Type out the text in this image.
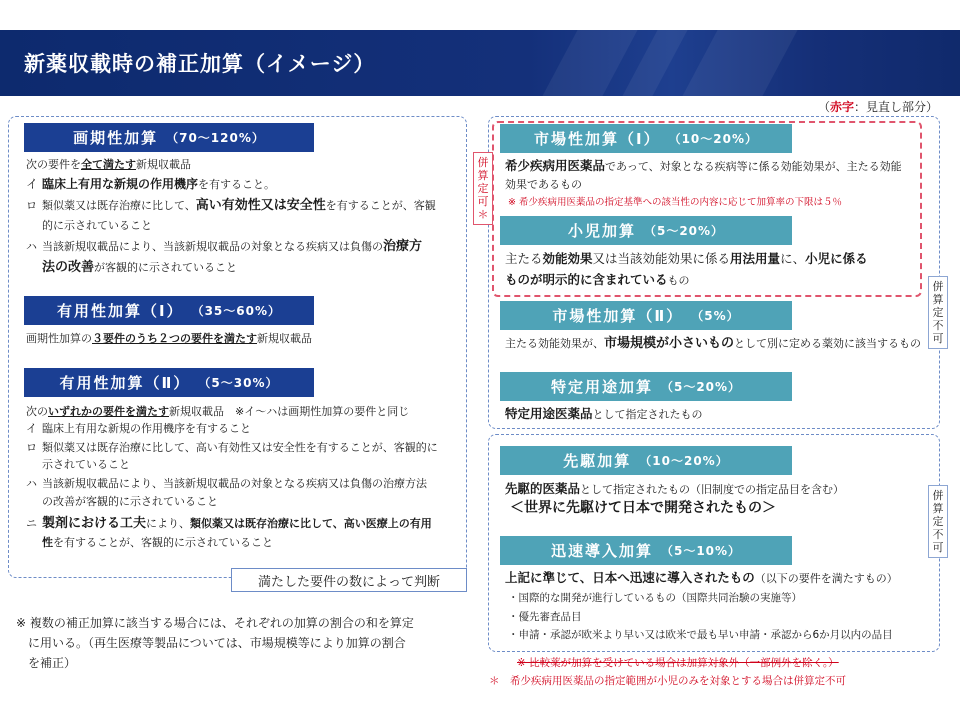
新薬収載時の補正加算（イメージ）
（赤字：見直し部分）
画期性加算 （70～120%）
次の要件を全て満たす新規収載品
イ 臨床上有用な新規の作用機序を有すること。
ロ 類似薬又は既存治療に比して、高い有効性又は安全性を有することが、客観
的に示されていること
ハ 当該新規収載品により、当該新規収載品の対象となる疾病又は負傷の治療方
法の改善が客観的に示されていること
有用性加算（Ⅰ） （35～60%）
画期性加算の３要件のうち２つの要件を満たす新規収載品
有用性加算（Ⅱ） （5～30%）
次のいずれかの要件を満たす新規収載品　※イ～ハは画期性加算の要件と同じ
イ 臨床上有用な新規の作用機序を有すること
ロ 類似薬又は既存治療に比して、高い有効性又は安全性を有することが、客観的に
示されていること
ハ 当該新規収載品により、当該新規収載品の対象となる疾病又は負傷の治療方法
の改善が客観的に示されていること
ニ 製剤における工夫により、類似薬又は既存治療に比して、高い医療上の有用
性を有することが、客観的に示されていること
満たした要件の数によって判断
※ 複数の補正加算に該当する場合には、それぞれの加算の割合の和を算定
　に用いる。（再生医療等製品については、市場規模等により加算の割合
　を補正）
市場性加算（Ⅰ） （10～20%）
希少疾病用医薬品であって、対象となる疾病等に係る効能効果が、主たる効能
効果であるもの
※ 希少疾病用医薬品の指定基準への該当性の内容に応じて加算率の下限は５％
小児加算 （5～20%）
主たる効能効果又は当該効能効果に係る用法用量に、小児に係る
ものが明示的に含まれているもの
市場性加算（Ⅱ） （5%）
主たる効能効果が、市場規模が小さいものとして別に定める薬効に該当するもの
特定用途加算 （5～20%）
特定用途医薬品として指定されたもの
先駆加算 （10～20%）
先駆的医薬品として指定されたもの（旧制度での指定品目を含む）
＜世界に先駆けて日本で開発されたもの＞
迅速導入加算 （5～10%）
上記に準じて、日本へ迅速に導入されたもの（以下の要件を満たすもの）
・国際的な開発が進行しているもの（国際共同治験の実施等）
・優先審査品目
・申請・承認が欧米より早い又は欧米で最も早い申請・承認から6か月以内の品目
※ 比較薬が加算を受けている場合は加算対象外（一部例外を除く。）
＊　希少疾病用医薬品の指定範囲が小児のみを対象とする場合は併算定不可
併
算
定
可
＊
併
算
定
不
可
併
算
定
不
可
